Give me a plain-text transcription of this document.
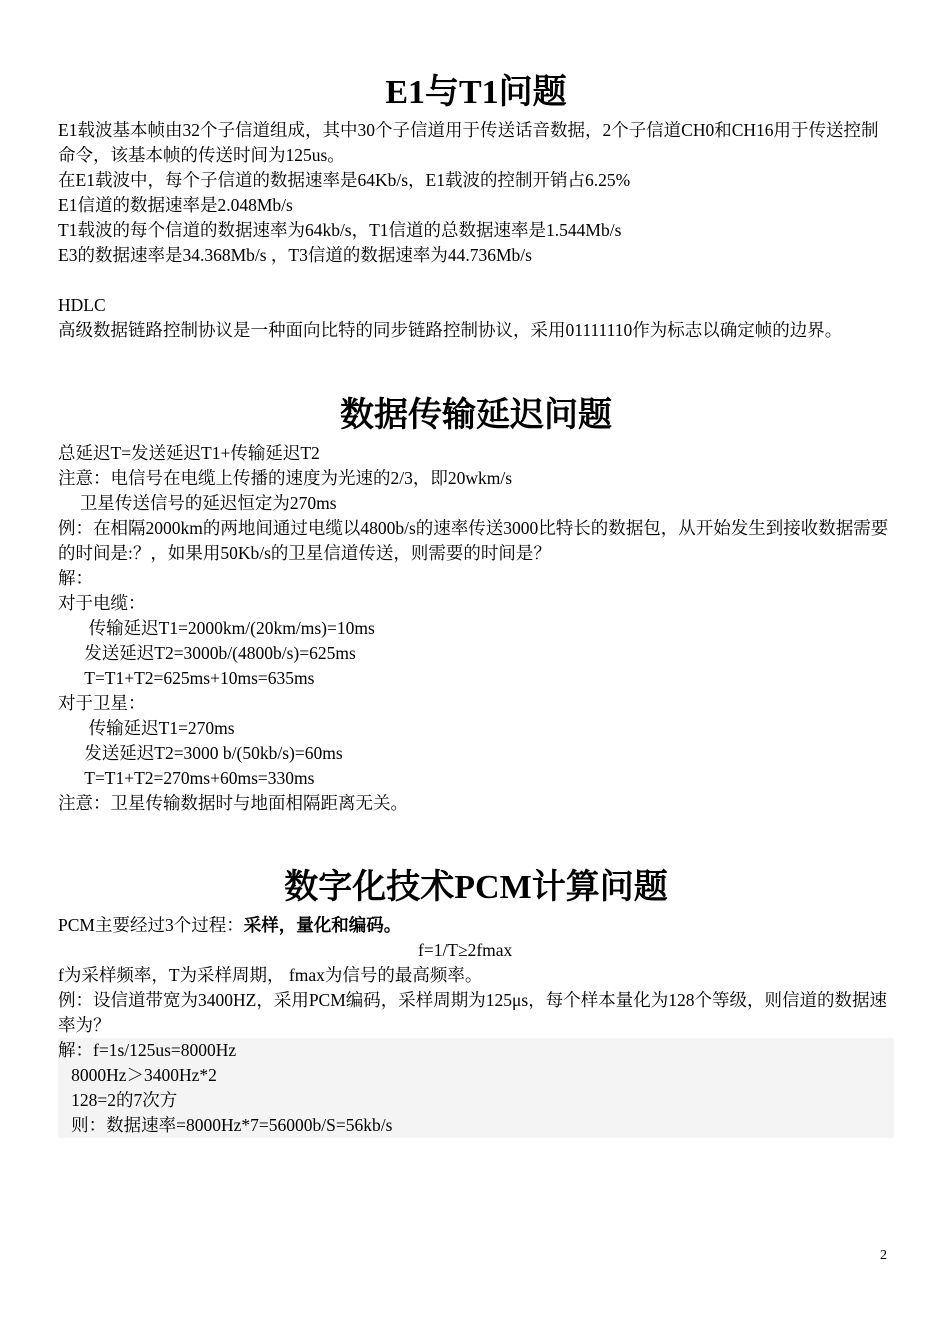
E1与T1问题

E1载波基本帧由32个子信道组成，其中30个子信道用于传送话音数据，2个子信道CH0和CH16用于传送控制命令，该基本帧的传送时间为125us。

在E1载波中，每个子信道的数据速率是64Kb/s，E1载波的控制开销占6.25%

E1信道的数据速率是2.048Mb/s

T1载波的每个信道的数据速率为64kb/s，T1信道的总数据速率是1.544Mb/s

E3的数据速率是34.368Mb/s ，T3信道的数据速率为44.736Mb/s

HDLC

高级数据链路控制协议是一种面向比特的同步链路控制协议，采用01111110作为标志以确定帧的边界。

数据传输延迟问题

总延迟T=发送延迟T1+传输延迟T2

注意：电信号在电缆上传播的速度为光速的2/3，即20wkm/s

卫星传送信号的延迟恒定为270ms

例：在相隔2000km的两地间通过电缆以4800b/s的速率传送3000比特长的数据包，从开始发生到接收数据需要的时间是:？，如果用50Kb/s的卫星信道传送，则需要的时间是？

解：

对于电缆：

传输延迟T1=2000km/(20km/ms)=10ms

发送延迟T2=3000b/(4800b/s)=625ms

T=T1+T2=625ms+10ms=635ms

对于卫星：

传输延迟T1=270ms

发送延迟T2=3000 b/(50kb/s)=60ms

T=T1+T2=270ms+60ms=330ms

注意：卫星传输数据时与地面相隔距离无关。

数字化技术PCM计算问题

PCM主要经过3个过程：采样，量化和编码。

f=1/T≥2fmax

f为采样频率，T为采样周期， fmax为信号的最高频率。

例：设信道带宽为3400HZ，采用PCM编码，采样周期为125μs，每个样本量化为128个等级，则信道的数据速率为？

解：f=1s/125us=8000Hz

8000Hz＞3400Hz*2

128=2的7次方

则：数据速率=8000Hz*7=56000b/S=56kb/s

2
